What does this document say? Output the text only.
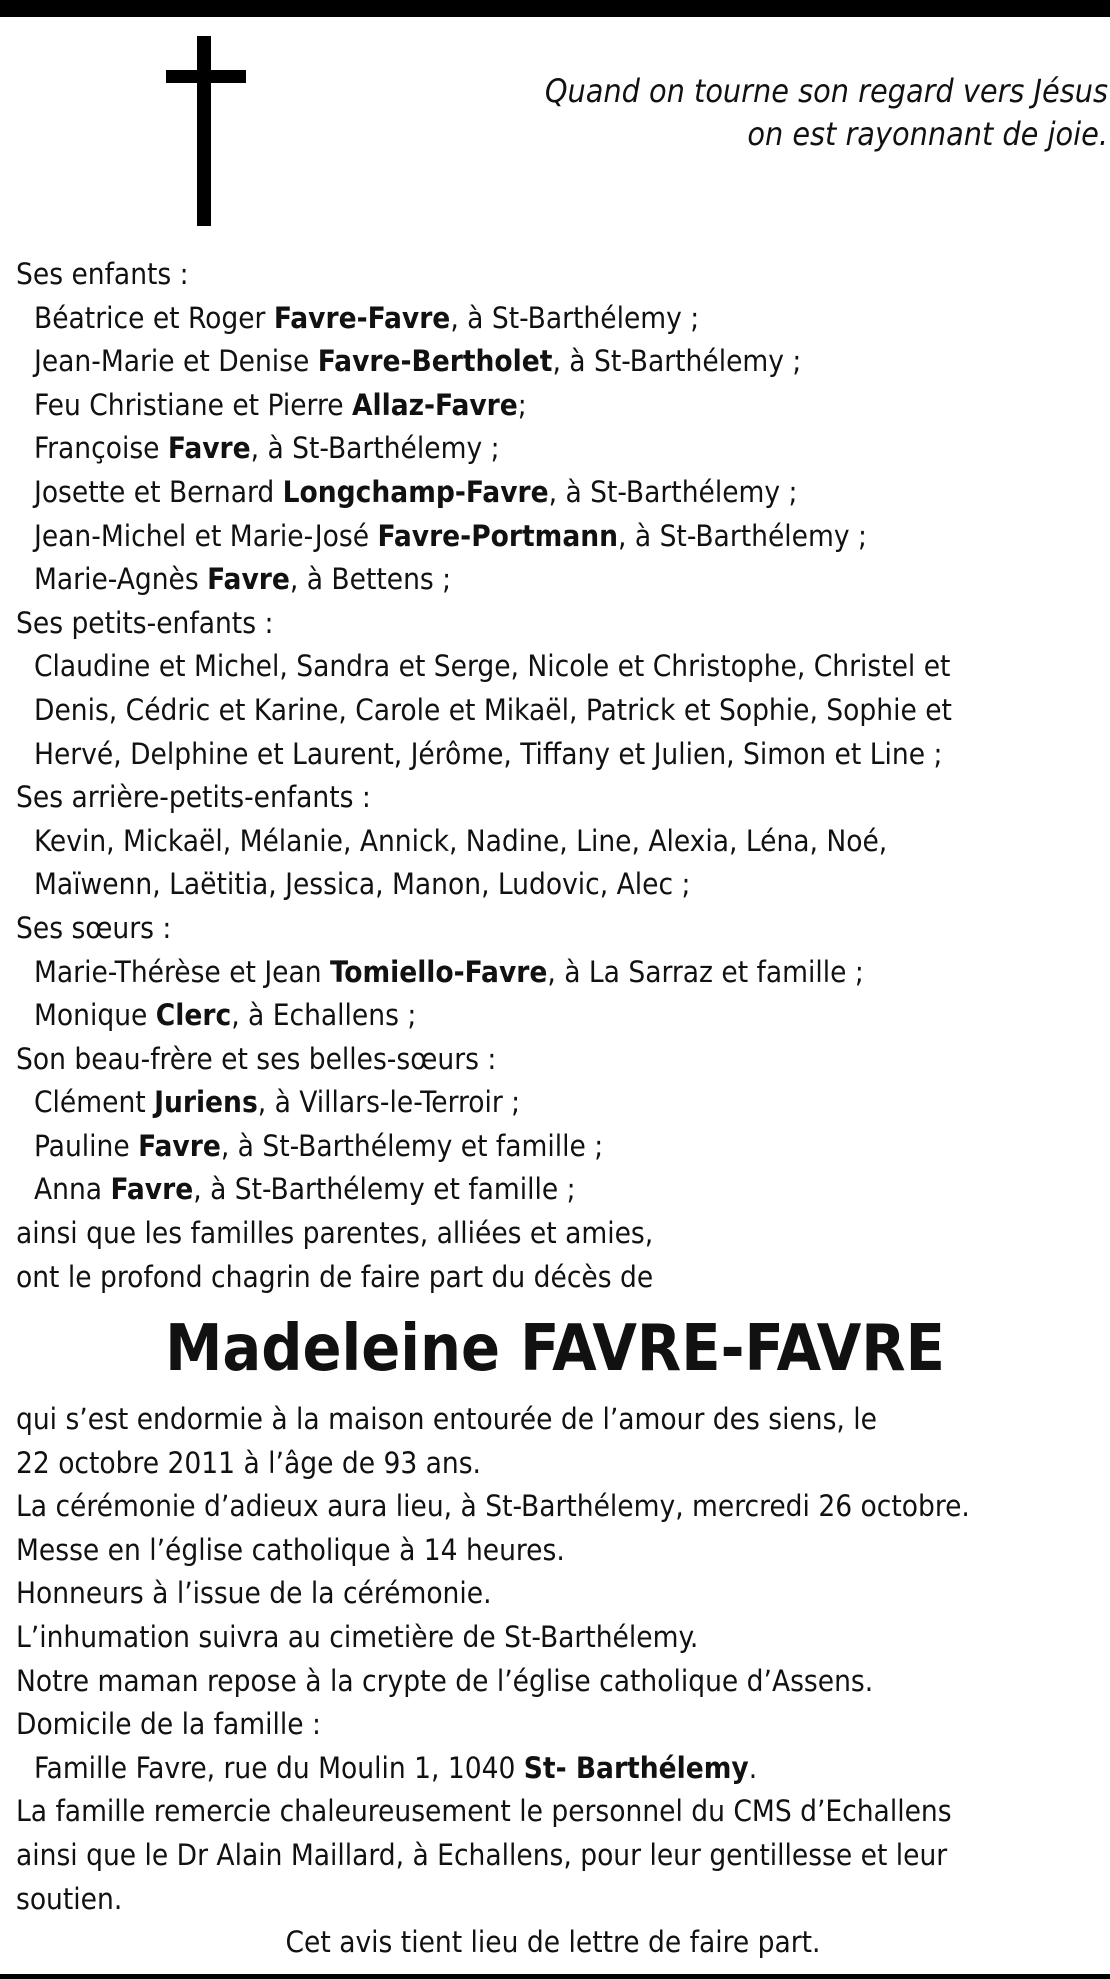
Quand on tourne son regard vers Jésus
on est rayonnant de joie.
Ses enfants :
Béatrice et Roger Favre-Favre, à St-Barthélemy ;
Jean-Marie et Denise Favre-Bertholet, à St-Barthélemy ;
Feu Christiane et Pierre Allaz-Favre;
Françoise Favre, à St-Barthélemy ;
Josette et Bernard Longchamp-Favre, à St-Barthélemy ;
Jean-Michel et Marie-José Favre-Portmann, à St-Barthélemy ;
Marie-Agnès Favre, à Bettens ;
Ses petits-enfants :
Claudine et Michel, Sandra et Serge, Nicole et Christophe, Christel et
Denis, Cédric et Karine, Carole et Mikaël, Patrick et Sophie, Sophie et
Hervé, Delphine et Laurent, Jérôme, Tiffany et Julien, Simon et Line ;
Ses arrière-petits-enfants :
Kevin, Mickaël, Mélanie, Annick, Nadine, Line, Alexia, Léna, Noé,
Maïwenn, Laëtitia, Jessica, Manon, Ludovic, Alec ;
Ses sœurs :
Marie-Thérèse et Jean Tomiello-Favre, à La Sarraz et famille ;
Monique Clerc, à Echallens ;
Son beau-frère et ses belles-sœurs :
Clément Juriens, à Villars-le-Terroir ;
Pauline Favre, à St-Barthélemy et famille ;
Anna Favre, à St-Barthélemy et famille ;
ainsi que les familles parentes, alliées et amies,
ont le profond chagrin de faire part du décès de
Madeleine FAVRE-FAVRE
qui s’est endormie à la maison entourée de l’amour des siens, le
22 octobre 2011 à l’âge de 93 ans.
La cérémonie d’adieux aura lieu, à St-Barthélemy, mercredi 26 octobre.
Messe en l’église catholique à 14 heures.
Honneurs à l’issue de la cérémonie.
L’inhumation suivra au cimetière de St-Barthélemy.
Notre maman repose à la crypte de l’église catholique d’Assens.
Domicile de la famille :
Famille Favre, rue du Moulin 1, 1040 St- Barthélemy.
La famille remercie chaleureusement le personnel du CMS d’Echallens
ainsi que le Dr Alain Maillard, à Echallens, pour leur gentillesse et leur
soutien.
Cet avis tient lieu de lettre de faire part.
